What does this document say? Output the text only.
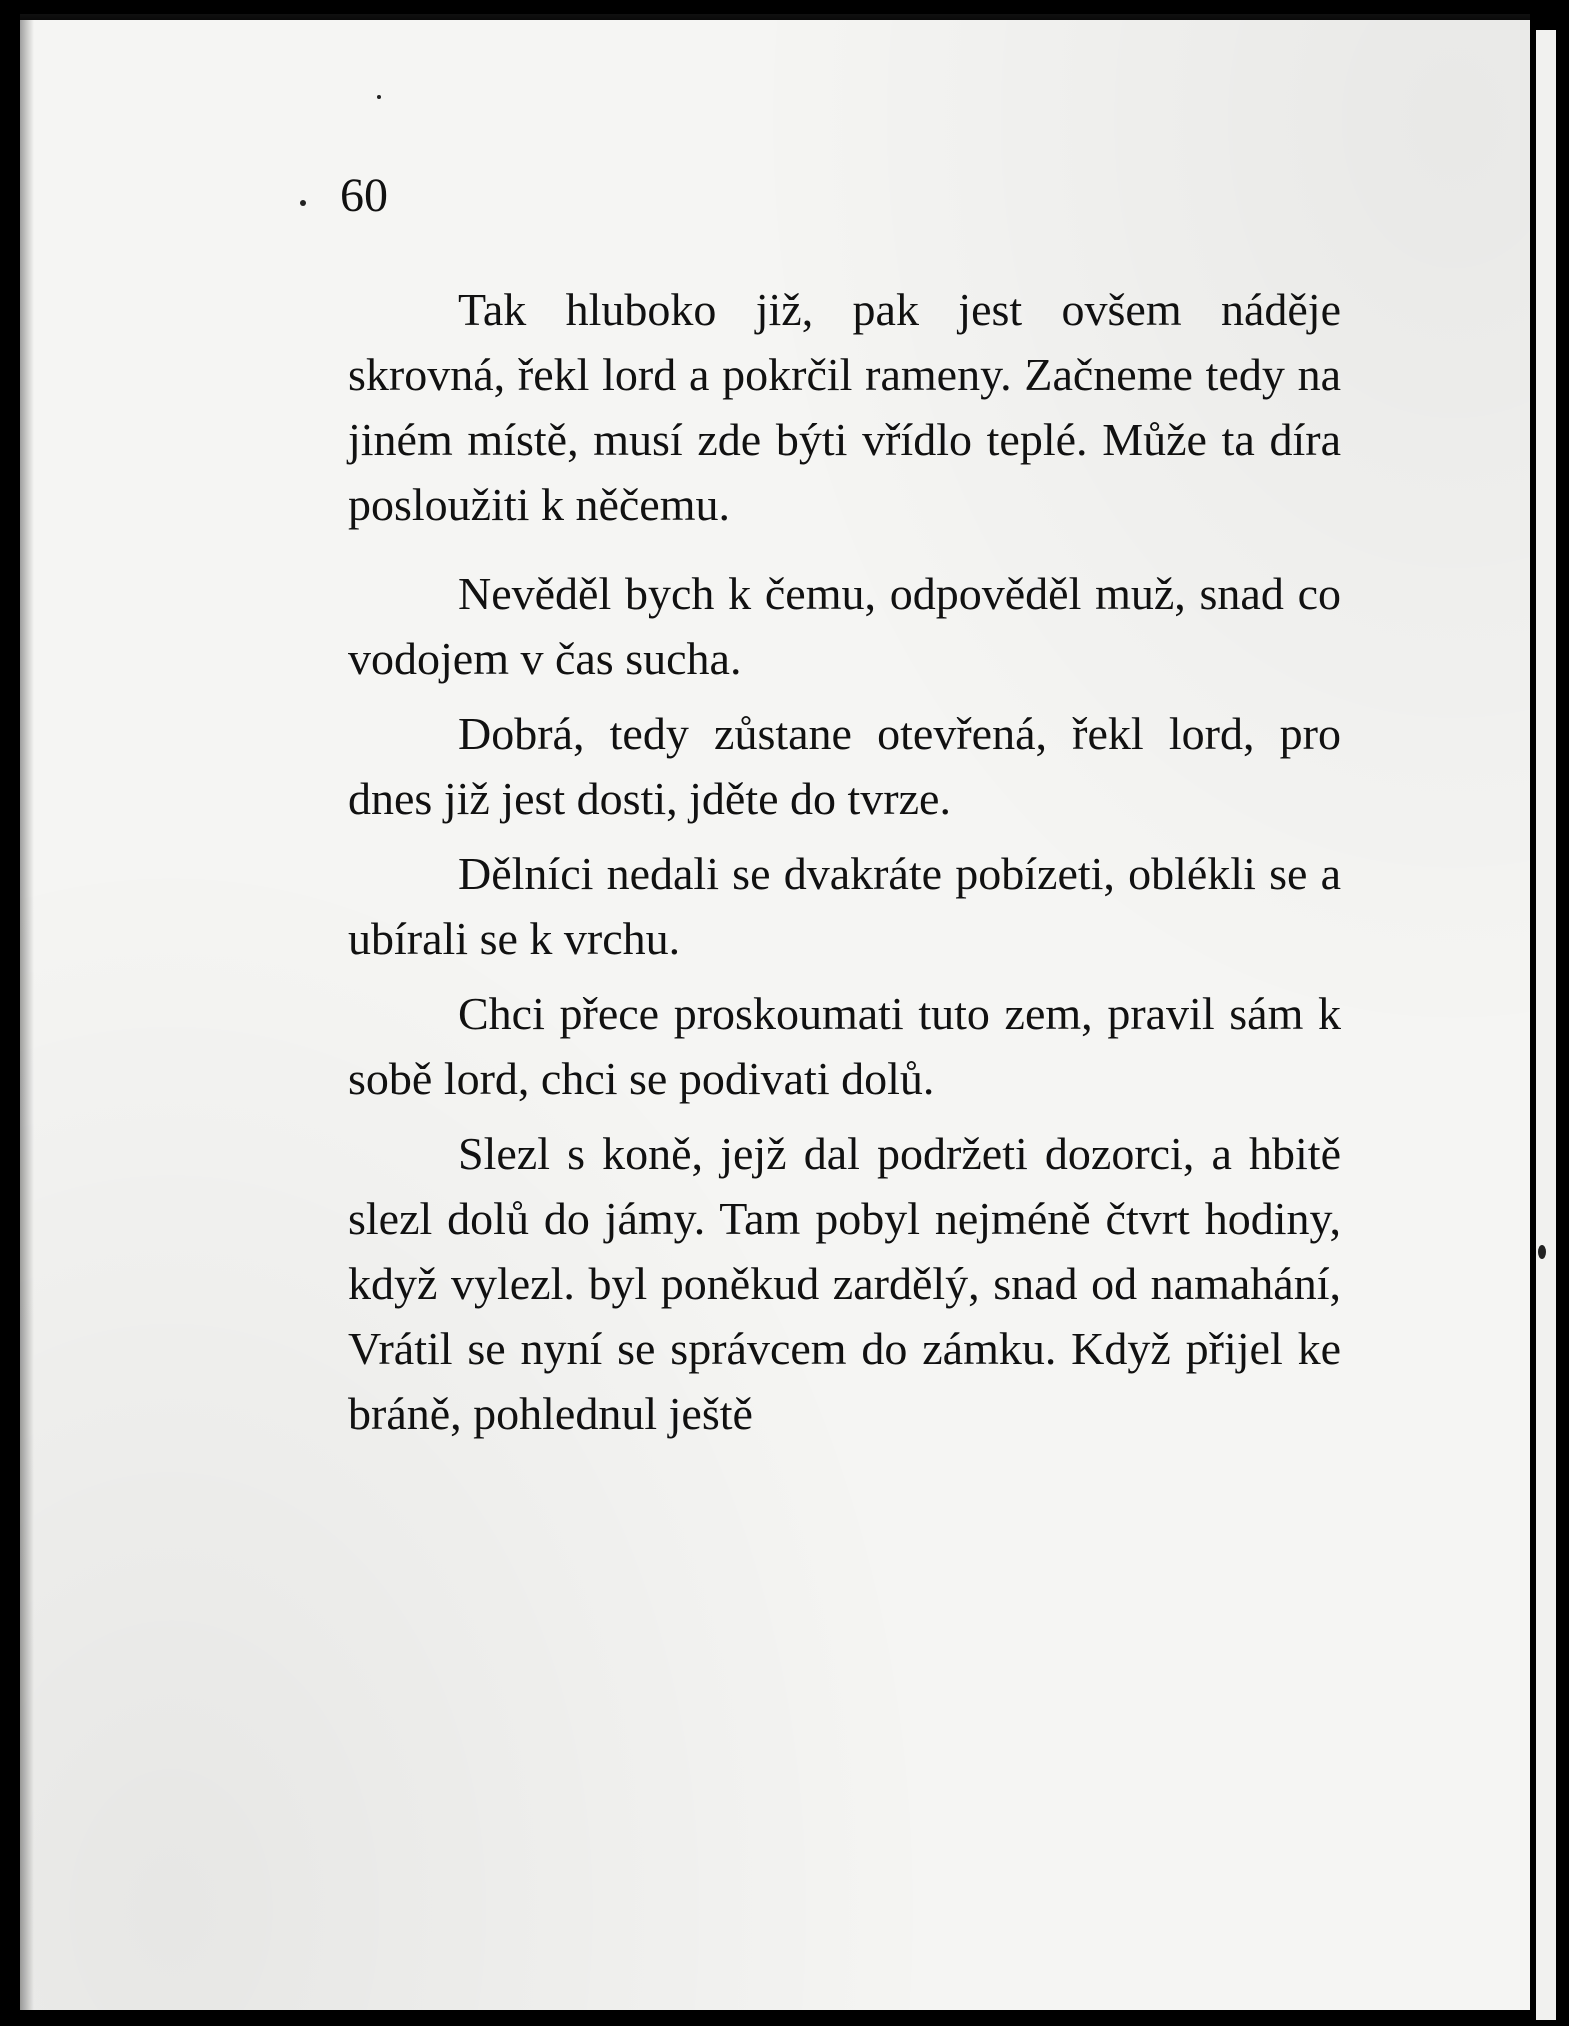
60

Tak hluboko již, pak jest ovšem náděje skrovná, řekl lord a pokrčil rameny. Začneme tedy na jiném místě, musí zde býti vřídlo teplé. Může ta díra posloužiti k něčemu.

Nevěděl bych k čemu, odpověděl muž, snad co vodojem v čas sucha.

Dobrá, tedy zůstane otevřená, řekl lord, pro dnes již jest dosti, jděte do tvrze.

Dělníci nedali se dvakráte pobízeti, oblékli se a ubírali se k vrchu.

Chci přece proskoumati tuto zem, pravil sám k sobě lord, chci se podivati dolů.

Slezl s koně, jejž dal podržeti dozorci, a hbitě slezl dolů do jámy. Tam pobyl nejméně čtvrt hodiny, když vylezl. byl poněkud zardělý, snad od namahání, Vrátil se nyní se správcem do zámku. Když přijel ke bráně, pohlednul ještě
